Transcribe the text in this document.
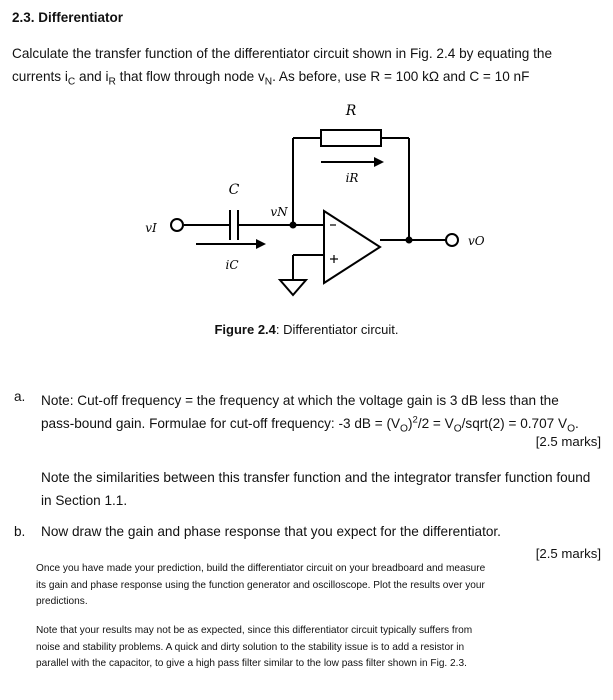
2.3. Differentiator
Calculate the transfer function of the differentiator circuit shown in Fig. 2.4 by equating the currents $i_C$ and $i_R$ that flow through node $v_N$. As before, use R = 100 kΩ and C = 10 nF
R
iR
C
vN
vI
iC
vO
Figure 2.4: Differentiator circuit.
a. Note: Cut-off frequency = the frequency at which the voltage gain is 3 dB less than the
pass-bound gain. Formulae for cut-off frequency: -3 dB = $(V_O)^2/2$ = $V_O/sqrt(2) = 0.707$ $V_O$.
[2.5 marks]
Note the similarities between this transfer function and the integrator transfer function found in Section 1.1.
b. Now draw the gain and phase response that you expect for the differentiator.
[2.5 marks]
Once you have made your prediction, build the differentiator circuit on your breadboard and measure its gain and phase response using the function generator and oscilloscope. Plot the results over your predictions.
Note that your results may not be as expected, since this differentiator circuit typically suffers from noise and stability problems. A quick and dirty solution to the stability issue is to add a resistor in parallel with the capacitor, to give a high pass filter similar to the low pass filter shown in Fig. 2.3.
